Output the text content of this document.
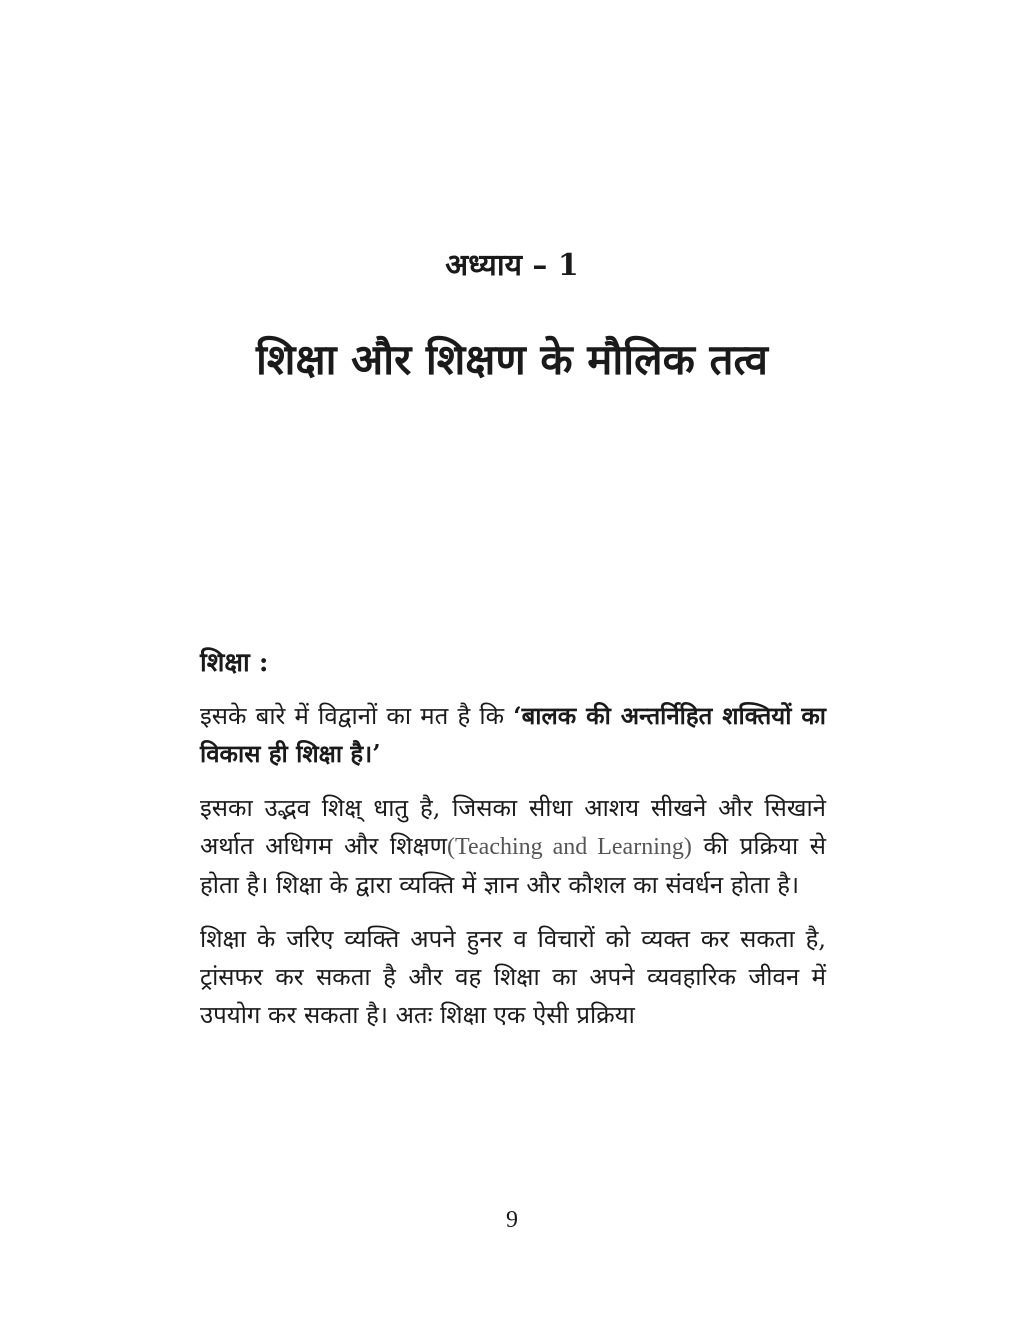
अध्याय – 1
शिक्षा और शिक्षण के मौलिक तत्व
शिक्षा :

इसके बारे में विद्वानों का मत है कि ‘बालक की अन्तर्निहित शक्तियों का विकास ही शिक्षा है।’

इसका उद्भव शिक्ष् धातु है, जिसका सीधा आशय सीखने और सिखाने अर्थात अधिगम और शिक्षण(Teaching and Learning) की प्रक्रिया से होता है। शिक्षा के द्वारा व्यक्ति में ज्ञान और कौशल का संवर्धन होता है।

शिक्षा के जरिए व्यक्ति अपने हुनर व विचारों को व्यक्त कर सकता है, ट्रांसफर कर सकता है और वह शिक्षा का अपने व्यवहारिक जीवन में उपयोग कर सकता है। अतः शिक्षा एक ऐसी प्रक्रिया

9
